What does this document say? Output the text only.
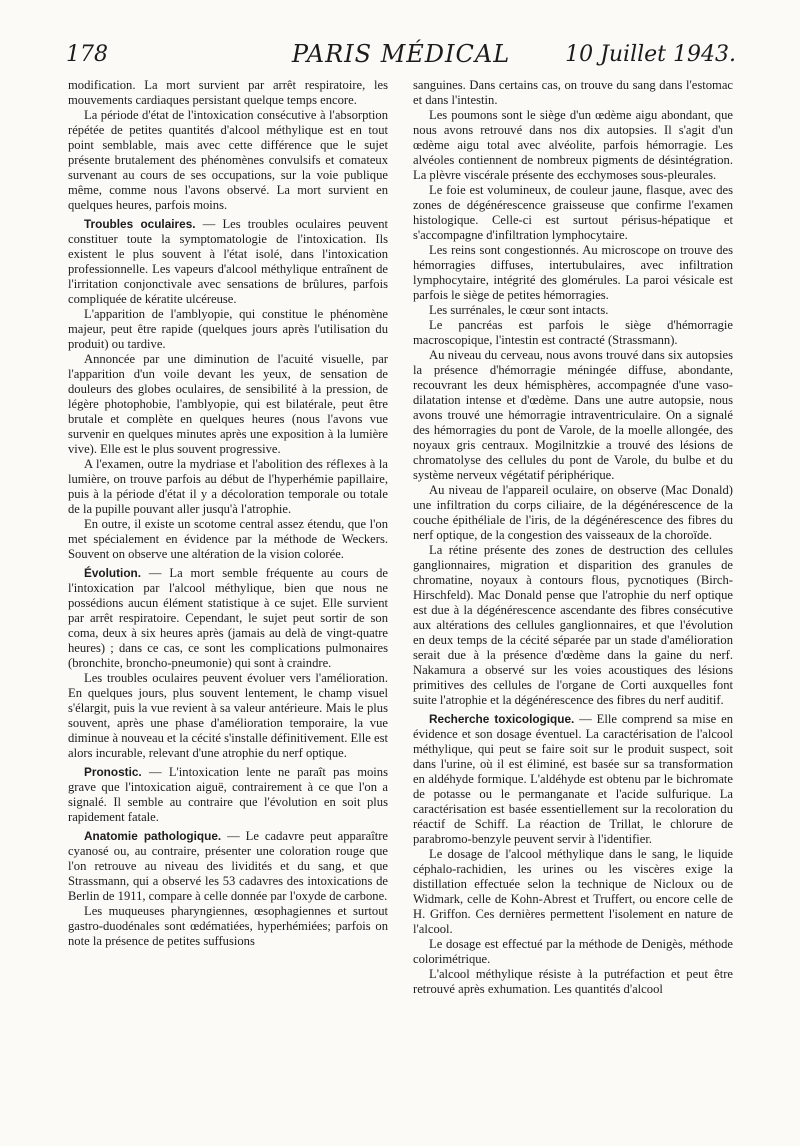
178	PARIS MÉDICAL	10 Juillet 1943.

modification. La mort survient par arrêt respiratoire, les mouvements cardiaques persistant quelque temps encore.

La période d'état de l'intoxication consécutive à l'absorption répétée de petites quantités d'alcool méthylique est en tout point semblable, mais avec cette différence que le sujet présente brutalement des phénomènes convulsifs et comateux survenant au cours de ses occupations, sur la voie publique même, comme nous l'avons observé. La mort survient en quelques heures, parfois moins.

Troubles oculaires. — Les troubles oculaires peuvent constituer toute la symptomatologie de l'intoxication. Ils existent le plus souvent à l'état isolé, dans l'intoxication professionnelle. Les vapeurs d'alcool méthylique entraînent de l'irritation conjonctivale avec sensations de brûlures, parfois compliquée de kératite ulcéreuse.

L'apparition de l'amblyopie, qui constitue le phénomène majeur, peut être rapide (quelques jours après l'utilisation du produit) ou tardive.

Annoncée par une diminution de l'acuité visuelle, par l'apparition d'un voile devant les yeux, de sensation de douleurs des globes oculaires, de sensibilité à la pression, de légère photophobie, l'amblyopie, qui est bilatérale, peut être brutale et complète en quelques heures (nous l'avons vue survenir en quelques minutes après une exposition à la lumière vive). Elle est le plus souvent progressive.

A l'examen, outre la mydriase et l'abolition des réflexes à la lumière, on trouve parfois au début de l'hyperhémie papillaire, puis à la période d'état il y a décoloration temporale ou totale de la pupille pouvant aller jusqu'à l'atrophie.

En outre, il existe un scotome central assez étendu, que l'on met spécialement en évidence par la méthode de Weckers. Souvent on observe une altération de la vision colorée.

Évolution. — La mort semble fréquente au cours de l'intoxication par l'alcool méthylique, bien que nous ne possédions aucun élément statistique à ce sujet. Elle survient par arrêt respiratoire. Cependant, le sujet peut sortir de son coma, deux à six heures après (jamais au delà de vingt-quatre heures) ; dans ce cas, ce sont les complications pulmonaires (bronchite, broncho-pneumonie) qui sont à craindre.

Les troubles oculaires peuvent évoluer vers l'amélioration. En quelques jours, plus souvent lentement, le champ visuel s'élargit, puis la vue revient à sa valeur antérieure. Mais le plus souvent, après une phase d'amélioration temporaire, la vue diminue à nouveau et la cécité s'installe définitivement. Elle est alors incurable, relevant d'une atrophie du nerf optique.

Pronostic. — L'intoxication lente ne paraît pas moins grave que l'intoxication aiguë, contrairement à ce que l'on a signalé. Il semble au contraire que l'évolution en soit plus rapidement fatale.

Anatomie pathologique. — Le cadavre peut apparaître cyanosé ou, au contraire, présenter une coloration rouge que l'on retrouve au niveau des lividités et du sang, et que Strassmann, qui a observé les 53 cadavres des intoxications de Berlin de 1911, compare à celle donnée par l'oxyde de carbone.

Les muqueuses pharyngiennes, œsophagiennes et surtout gastro-duodénales sont œdématiées, hyperhémiées; parfois on note la présence de petites suffusions

sanguines. Dans certains cas, on trouve du sang dans l'estomac et dans l'intestin.

Les poumons sont le siège d'un œdème aigu abondant, que nous avons retrouvé dans nos dix autopsies. Il s'agit d'un œdème aigu total avec alvéolite, parfois hémorragie. Les alvéoles contiennent de nombreux pigments de désintégration. La plèvre viscérale présente des ecchymoses sous-pleurales.

Le foie est volumineux, de couleur jaune, flasque, avec des zones de dégénérescence graisseuse que confirme l'examen histologique. Celle-ci est surtout périsus-hépatique et s'accompagne d'infiltration lymphocytaire.

Les reins sont congestionnés. Au microscope on trouve des hémorragies diffuses, intertubulaires, avec infiltration lymphocytaire, intégrité des glomérules. La paroi vésicale est parfois le siège de petites hémorragies.

Les surrénales, le cœur sont intacts.

Le pancréas est parfois le siège d'hémorragie macroscopique, l'intestin est contracté (Strassmann).

Au niveau du cerveau, nous avons trouvé dans six autopsies la présence d'hémorragie méningée diffuse, abondante, recouvrant les deux hémisphères, accompagnée d'une vaso-dilatation intense et d'œdème. Dans une autre autopsie, nous avons trouvé une hémorragie intraventriculaire. On a signalé des hémorragies du pont de Varole, de la moelle allongée, des noyaux gris centraux. Mogilnitzkie a trouvé des lésions de chromatolyse des cellules du pont de Varole, du bulbe et du système nerveux végétatif périphérique.

Au niveau de l'appareil oculaire, on observe (Mac Donald) une infiltration du corps ciliaire, de la dégénérescence de la couche épithéliale de l'iris, de la dégénérescence des fibres du nerf optique, de la congestion des vaisseaux de la choroïde.

La rétine présente des zones de destruction des cellules ganglionnaires, migration et disparition des granules de chromatine, noyaux à contours flous, pycnotiques (Birch-Hirschfeld). Mac Donald pense que l'atrophie du nerf optique est due à la dégénérescence ascendante des fibres consécutive aux altérations des cellules ganglionnaires, et que l'évolution en deux temps de la cécité séparée par un stade d'amélioration serait due à la présence d'œdème dans la gaine du nerf. Nakamura a observé sur les voies acoustiques des lésions primitives des cellules de l'organe de Corti auxquelles font suite l'atrophie et la dégénérescence des fibres du nerf auditif.

Recherche toxicologique. — Elle comprend sa mise en évidence et son dosage éventuel. La caractérisation de l'alcool méthylique, qui peut se faire soit sur le produit suspect, soit dans l'urine, où il est éliminé, est basée sur sa transformation en aldéhyde formique. L'aldéhyde est obtenu par le bichromate de potasse ou le permanganate et l'acide sulfurique. La caractérisation est basée essentiellement sur la recoloration du réactif de Schiff. La réaction de Trillat, le chlorure de parabromo-benzyle peuvent servir à l'identifier.

Le dosage de l'alcool méthylique dans le sang, le liquide céphalo-rachidien, les urines ou les viscères exige la distillation effectuée selon la technique de Nicloux ou de Widmark, celle de Kohn-Abrest et Truffert, ou encore celle de H. Griffon. Ces dernières permettent l'isolement en nature de l'alcool.

Le dosage est effectué par la méthode de Denigès, méthode colorimétrique.

L'alcool méthylique résiste à la putréfaction et peut être retrouvé après exhumation. Les quantités d'alcool
